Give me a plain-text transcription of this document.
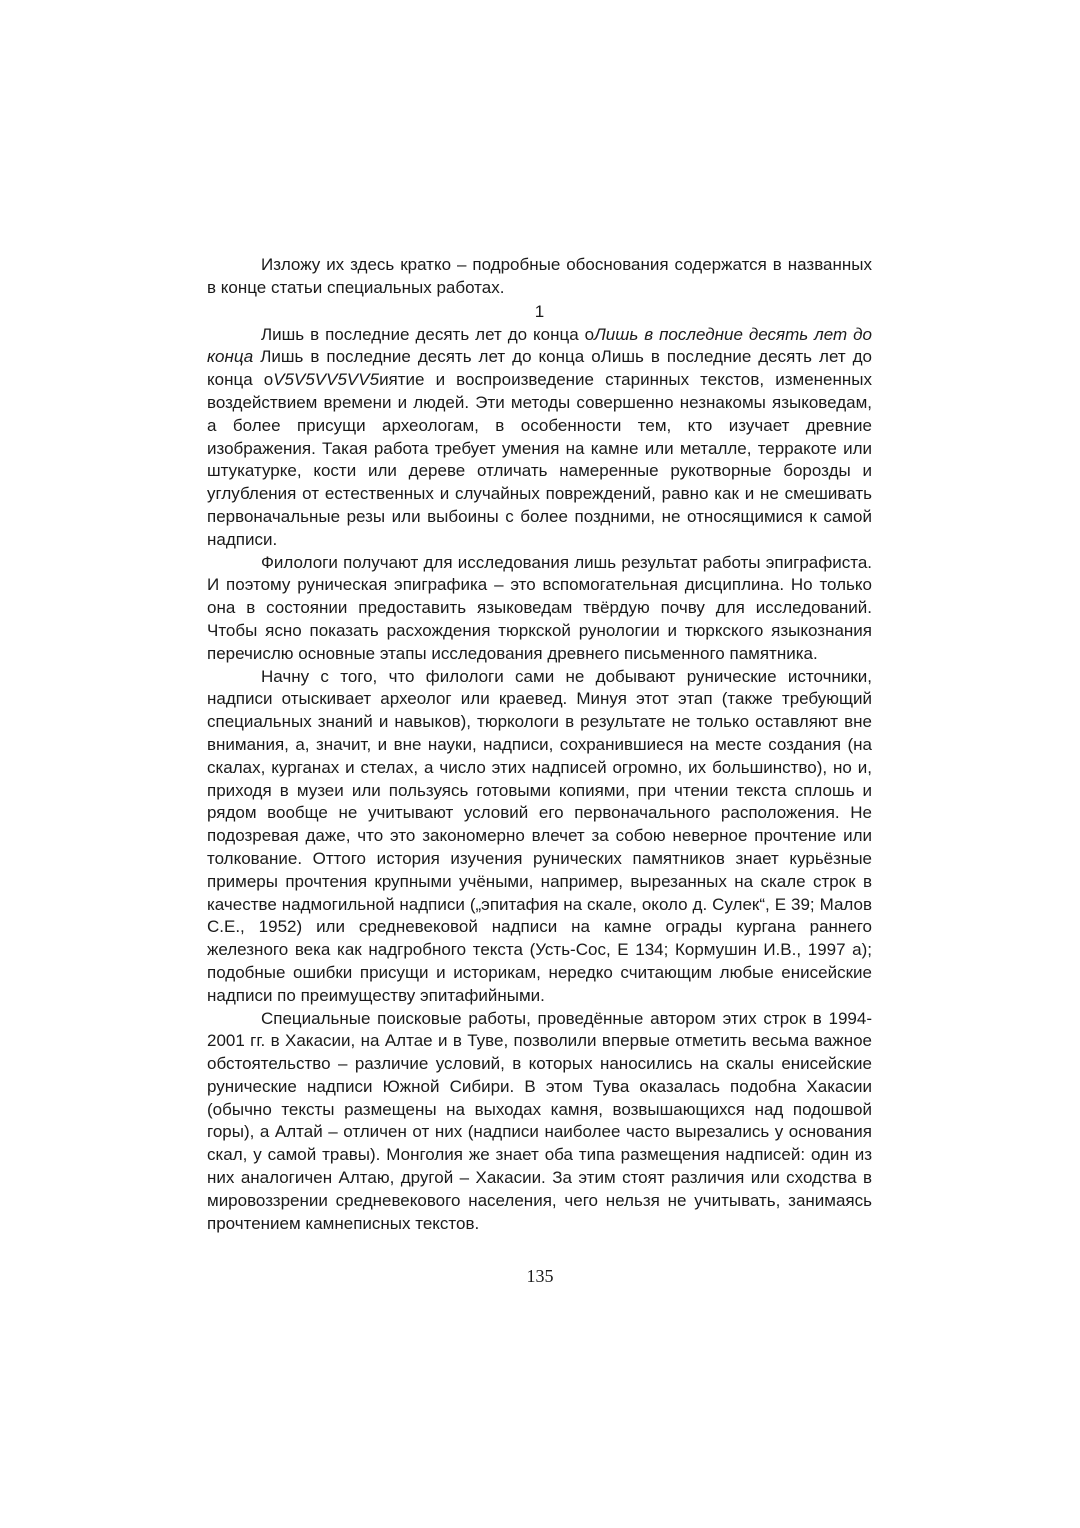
Изложу их здесь кратко – подробные обоснования содержатся в названных в конце статьи специальных работах.

1

Лишь в последние десять лет до конца оЛишь в последние десять лет до конца Лишь в последние десять лет до конца оЛишь в последние десять лет до конца оV5V5VV5VV5иятие и воспроизведение старинных текстов, измененных воздействием времени и людей. Эти методы совершенно незнакомы языковедам, а более присущи археологам, в особенности тем, кто изучает древние изображения. Такая работа требует умения на камне или металле, терракоте или штукатурке, кости или дереве отличать намеренные рукотворные борозды и углубления от естественных и случайных повреждений, равно как и не смешивать первоначальные резы или выбоины с более поздними, не относящимися к самой надписи.

Филологи получают для исследования лишь результат работы эпиграфиста. И поэтому руническая эпиграфика – это вспомогательная дисциплина. Но только она в состоянии предоставить языковедам твёрдую почву для исследований. Чтобы ясно показать расхождения тюркской рунологии и тюркского языкознания перечислю основные этапы исследования древнего письменного памятника.

Начну с того, что филологи сами не добывают рунические источники, надписи отыскивает археолог или краевед. Минуя этот этап (также требующий специальных знаний и навыков), тюркологи в результате не только оставляют вне внимания, а, значит, и вне науки, надписи, сохранившиеся на месте создания (на скалах, курганах и стелах, а число этих надписей огромно, их большинство), но и, приходя в музеи или пользуясь готовыми копиями, при чтении текста сплошь и рядом вообще не учитывают условий его первоначального расположения. Не подозревая даже, что это закономерно влечет за собою неверное прочтение или толкование. Оттого история изучения рунических памятников знает курьёзные примеры прочтения крупными учёными, например, вырезанных на скале строк в качестве надмогильной надписи („эпитафия на скале, около д. Сулек“, E 39; Малов С.Е., 1952) или средневековой надписи на камне ограды кургана раннего железного века как надгробного текста (Усть-Сос, E 134; Кормушин И.В., 1997 а); подобные ошибки присущи и историкам, нередко считающим любые енисейские надписи по преимуществу эпитафийными.

Специальные поисковые работы, проведённые автором этих строк в 1994-2001 гг. в Хакасии, на Алтае и в Туве, позволили впервые отметить весьма важное обстоятельство – различие условий, в которых наносились на скалы енисейские рунические надписи Южной Сибири. В этом Тува оказалась подобна Хакасии (обычно тексты размещены на выходах камня, возвышающихся над подошвой горы), а Алтай – отличен от них (надписи наиболее часто вырезались у основания скал, у самой травы). Монголия же знает оба типа размещения надписей: один из них аналогичен Алтаю, другой – Хакасии. За этим стоят различия или сходства в мировоззрении средневекового населения, чего нельзя не учитывать, занимаясь прочтением камнеписных текстов.

135
